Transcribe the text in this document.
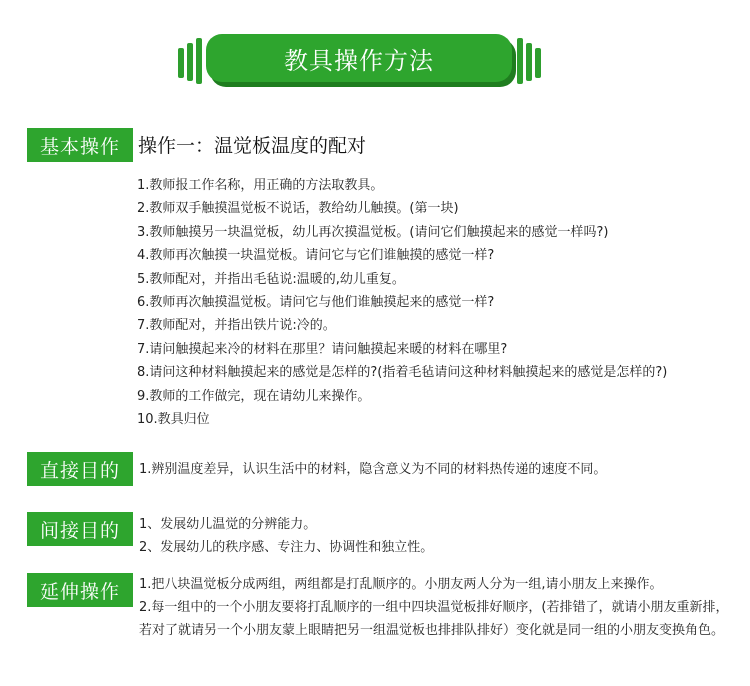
教具操作方法
基本操作 操作一：温觉板温度的配对
1.教师报工作名称，用正确的方法取教具。
2.教师双手触摸温觉板不说话，教给幼儿触摸。(第一块)
3.教师触摸另一块温觉板，幼儿再次摸温觉板。(请问它们触摸起来的感觉一样吗?)
4.教师再次触摸一块温觉板。请问它与它们谁触摸的感觉一样?
5.教师配对，并指出毛毡说:温暖的,幼儿重复。
6.教师再次触摸温觉板。请问它与他们谁触摸起来的感觉一样?
7.教师配对，并指出铁片说:冷的。
7.请问触摸起来冷的材料在那里？请问触摸起来暖的材料在哪里?
8.请问这种材料触摸起来的感觉是怎样的?(指着毛毡请问这种材料触摸起来的感觉是怎样的?)
9.教师的工作做完，现在请幼儿来操作。
10.教具归位
直接目的	1.辨别温度差异，认识生活中的材料，隐含意义为不同的材料热传递的速度不同。

间接目的	1、发展幼儿温觉的分辨能力。

2、发展幼儿的秩序感、专注力、协调性和独立性。

延伸操作	1.把八块温觉板分成两组，两组都是打乱顺序的。小朋友两人分为一组,请小朋友上来操作。

2.每一组中的一个小朋友要将打乱顺序的一组中四块温觉板排好顺序，(若排错了，就请小朋友重新排，若对了就请另一个小朋友蒙上眼睛把另一组温觉板也排排队排好）变化就是同一组的小朋友变换角色。
